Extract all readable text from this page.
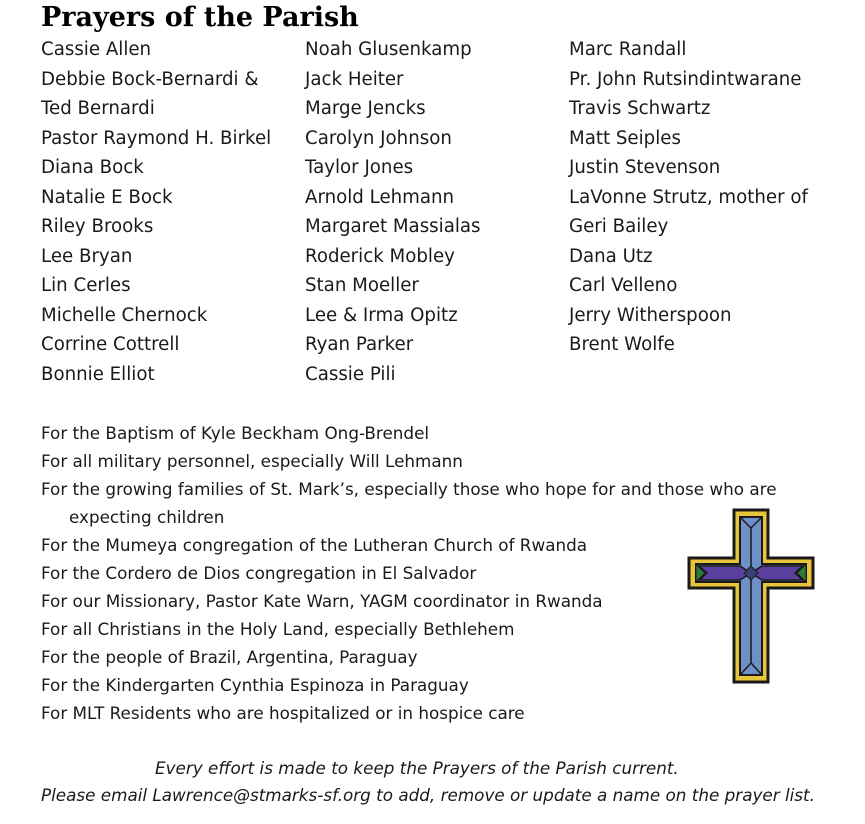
Prayers of the Parish
Cassie Allen
Debbie Bock-Bernardi &
Ted Bernardi
Pastor Raymond H. Birkel
Diana Bock
Natalie E Bock
Riley Brooks
Lee Bryan
Lin Cerles
Michelle Chernock
Corrine Cottrell
Bonnie Elliot
Noah Glusenkamp
Jack Heiter
Marge Jencks
Carolyn Johnson
Taylor Jones
Arnold Lehmann
Margaret Massialas
Roderick Mobley
Stan Moeller
Lee & Irma Opitz
Ryan Parker
Cassie Pili
Marc Randall
Pr. John Rutsindintwarane
Travis Schwartz
Matt Seiples
Justin Stevenson
LaVonne Strutz, mother of
Geri Bailey
Dana Utz
Carl Velleno
Jerry Witherspoon
Brent Wolfe
For the Baptism of Kyle Beckham Ong-Brendel
For all military personnel, especially Will Lehmann
For the growing families of St. Mark’s, especially those who hope for and those who are
expecting children
For the Mumeya congregation of the Lutheran Church of Rwanda
For the Cordero de Dios congregation in El Salvador
For our Missionary, Pastor Kate Warn, YAGM coordinator in Rwanda
For all Christians in the Holy Land, especially Bethlehem
For the people of Brazil, Argentina, Paraguay
For the Kindergarten Cynthia Espinoza in Paraguay
For MLT Residents who are hospitalized or in hospice care
Every effort is made to keep the Prayers of the Parish current.
Please email Lawrence@stmarks-sf.org to add, remove or update a name on the prayer list.
